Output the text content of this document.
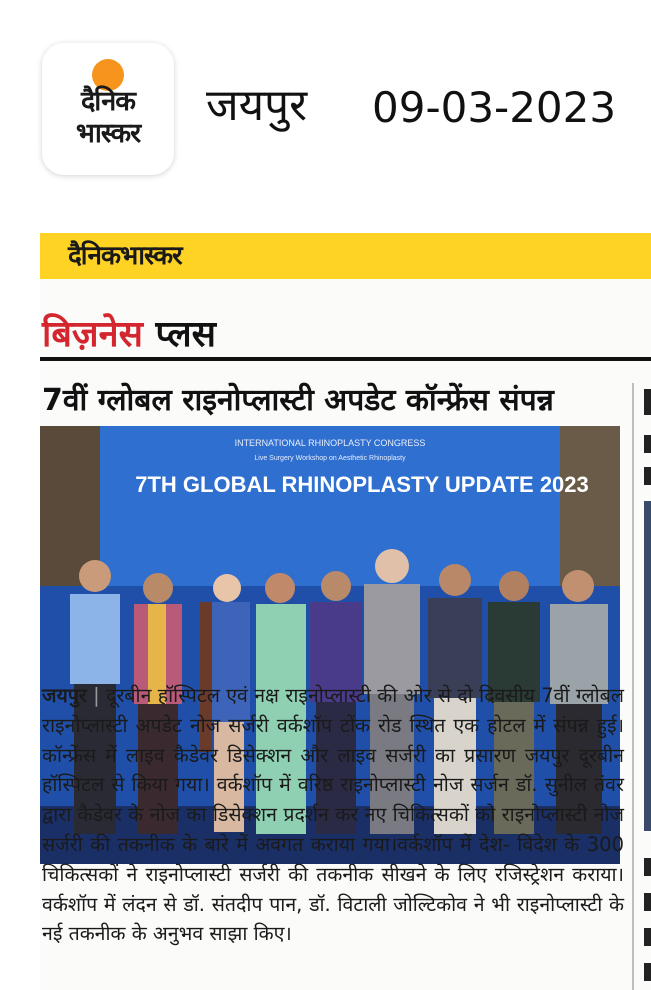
दैनिक
भास्कर
जयपुर 09-03-2023
दैनिकभास्कर
बिज़नेस प्लस
7वीं ग्लोबल राइनोप्लास्टी अपडेट कॉन्फ्रेंस संपन्न
INTERNATIONAL RHINOPLASTY CONGRESS
Live Surgery Workshop on Aesthetic Rhinoplasty
7TH GLOBAL RHINOPLASTY UPDATE 2023
जयपुर | दूरबीन हॉस्पिटल एवं नक्ष राइनोप्लास्टी की ओर से दो दिवसीय 7वीं ग्लोबल राइनोप्लास्टी अपडेट नोज सर्जरी वर्कशॉप टोंक रोड स्थित एक होटल में संपन्न हुई। कॉन्फ्रेंस में लाइव कैडेवर डिसेक्शन और लाइव सर्जरी का प्रसारण जयपुर दूरबीन हॉस्पिटल से किया गया। वर्कशॉप में वरिष्ठ राइनोप्लास्टी नोज सर्जन डॉ. सुनील तंवर द्वारा कैडेवर के नोज का डिसेक्शन प्रदर्शन कर नए चिकित्सकों को राइनोप्लास्टी नोज सर्जरी की तकनीक के बारे में अवगत कराया गया।वर्कशॉप में देश- विदेश के 300 चिकित्सकों ने राइनोप्लास्टी सर्जरी की तकनीक सीखने के लिए रजिस्ट्रेशन कराया। वर्कशॉप में लंदन से डॉ. संतदीप पान, डॉ. विटाली जोल्टिकोव ने भी राइनोप्लास्टी के नई तकनीक के अनुभव साझा किए।
